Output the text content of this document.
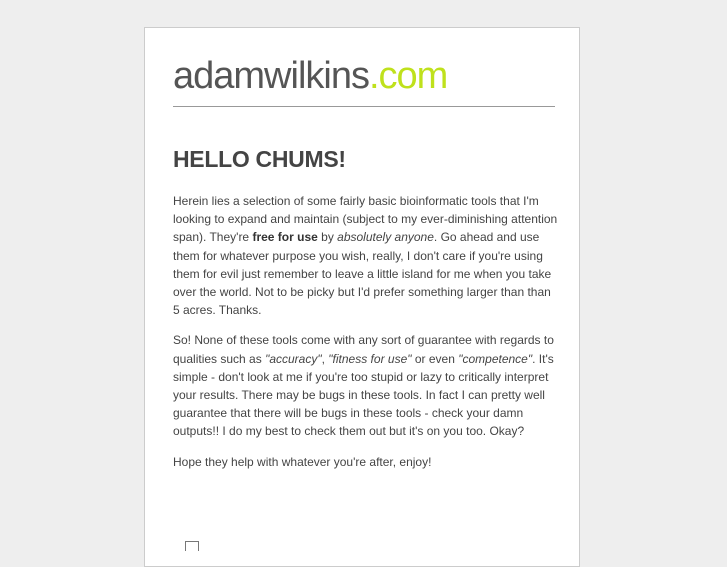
adamwilkins.com
HELLO CHUMS!

Herein lies a selection of some fairly basic bioinformatic tools that I'm looking to expand and maintain (subject to my ever-diminishing attention span). They're free for use by absolutely anyone. Go ahead and use them for whatever purpose you wish, really, I don't care if you're using them for evil just remember to leave a little island for me when you take over the world. Not to be picky but I'd prefer something larger than than 5 acres. Thanks.

So! None of these tools come with any sort of guarantee with regards to qualities such as "accuracy", "fitness for use" or even "competence". It's simple - don't look at me if you're too stupid or lazy to critically interpret your results. There may be bugs in these tools. In fact I can pretty well guarantee that there will be bugs in these tools - check your damn outputs!! I do my best to check them out but it's on you too. Okay?

Hope they help with whatever you're after, enjoy!
